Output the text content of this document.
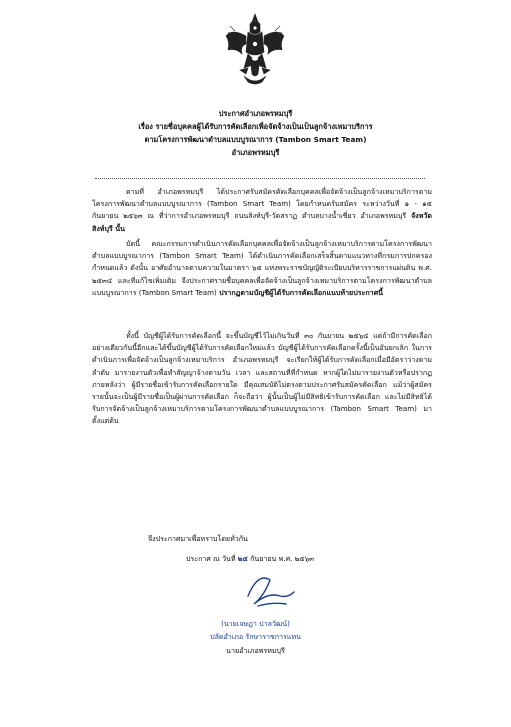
ประกาศอำเภอพรหมบุรี
เรื่อง รายชื่อบุคคลผู้ได้รับการคัดเลือกเพื่อจัดจ้างเป็นเป็นลูกจ้างเหมาบริการ
ตามโครงการพัฒนาตำบลแบบบูรณาการ (Tambon Smart Team)
อำเภอพรหมบุรี
ตามที่ อำเภอพรหมบุรี ได้ประกาศรับสมัครคัดเลือกบุคคลเพื่อจัดจ้างเป็นลูกจ้างเหมาบริการตามโครงการพัฒนาตำบลแบบบูรณาการ (Tambon Smart Team) โดยกำหนดรับสมัคร ระหว่างวันที่ ๑ - ๑๕ กันยายน ๒๕๖๓ ณ ที่ว่าการอำเภอพรหมบุรี ถนนสิงห์บุรี-วัดสราฏ ตำบลบางน้ำเชี่ยว อำเภอพรหมบุรี จังหวัดสิงห์บุรี นั้น
บัดนี้ คณะกรรมการดำเนินการคัดเลือกบุคคลเพื่อจัดจ้างเป็นลูกจ้างเหมาบริการตามโครงการพัฒนาตำบลแบบบูรณาการ (Tambon Smart Team) ได้ดำเนินการคัดเลือกเสร็จสิ้นตามแนวทางที่กรมการปกครองกำหนดแล้ว ดังนั้น อาศัยอำนาจตามความในมาตรา ๖๕ แห่งพระราชบัญญัติระเบียบบริหารราชการแผ่นดิน พ.ศ. ๒๕๓๔ และที่แก้ไขเพิ่มเติม จึงประกาศรายชื่อบุคคลเพื่อจัดจ้างเป็นลูกจ้างเหมาบริการตามโครงการพัฒนาตำบลแบบบูรณาการ (Tambon Smart Team) ปรากฏตามบัญชีผู้ได้รับการคัดเลือกแนบท้ายประกาศนี้
ทั้งนี้ บัญชีผู้ได้รับการคัดเลือกนี้ จะขึ้นบัญชีไว้ไม่เกินวันที่ ๓๐ กันยายน ๒๕๖๔ แต่ถ้ามีการคัดเลือกอย่างเดียวกันนี้อีกและได้ขึ้นบัญชีผู้ได้รับการคัดเลือกใหม่แล้ว บัญชีผู้ได้รับการคัดเลือกครั้งนี้เป็นอันยกเลิก ในการดำเนินการเพื่อจัดจ้างเป็นลูกจ้างเหมาบริการ อำเภอพรหมบุรี จะเรียกให้ผู้ได้รับการคัดเลือกเมื่อมีอัตราว่างตามลำดับ มารายงานตัวเพื่อทำสัญญาจ้างตามวัน เวลา และสถานที่ที่กำหนด หากผู้ใดไม่มารายงานตัวหรือปรากฏภายหลังว่า ผู้มีรายชื่อเข้ารับการคัดเลือกรายใด มีคุณสมบัติไม่ตรงตามประกาศรับสมัครคัดเลือก แม้ว่าผู้สมัครรายนั้นจะเป็นผู้มีรายชื่อเป็นผู้ผ่านการคัดเลือก ก็จะถือว่า ผู้นั้นเป็นผู้ไม่มีสิทธิเข้ารับการคัดเลือก และไม่มีสิทธิได้รับการจัดจ้างเป็นลูกจ้างเหมาบริการตามโครงการพัฒนาตำบลแบบบูรณาการ (Tambon Smart Team) มาตั้งแต่ต้น
จึงประกาศมาเพื่อทราบโดยทั่วกัน
ประกาศ ณ วันที่ ๒๕ กันยายน พ.ศ. ๒๕๖๓
(นายเจษฎา ปาลวัฒน์)
ปลัดอำเภอ รักษาราชการแทน
นายอำเภอพรหมบุรี
